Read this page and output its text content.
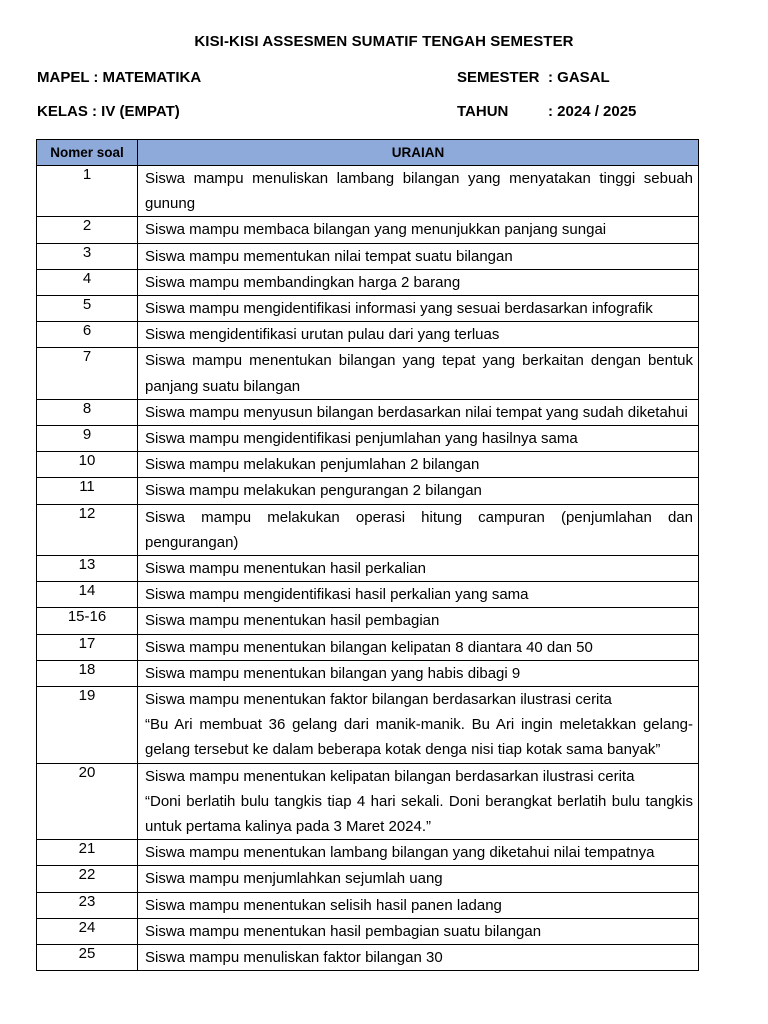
KISI-KISI ASSESMEN SUMATIF TENGAH SEMESTER
MAPEL : MATEMATIKA
KELAS : IV (EMPAT)
SEMESTER : GASAL
TAHUN	: 2024 / 2025
Nomer soal	URAIAN
1	Siswa mampu menuliskan lambang bilangan yang menyatakan tinggi sebuah gunung

2	Siswa mampu membaca bilangan yang menunjukkan panjang sungai

3	Siswa mampu mementukan nilai tempat suatu bilangan

4	Siswa mampu membandingkan harga 2 barang

5	Siswa mampu mengidentifikasi informasi yang sesuai berdasarkan infografik

6	Siswa mengidentifikasi urutan pulau dari yang terluas

7	Siswa mampu menentukan bilangan yang tepat yang berkaitan dengan bentuk panjang suatu bilangan

8	Siswa mampu menyusun bilangan berdasarkan nilai tempat yang sudah diketahui

9	Siswa mampu mengidentifikasi penjumlahan yang hasilnya sama

10	Siswa mampu melakukan penjumlahan 2 bilangan

11	Siswa mampu melakukan pengurangan 2 bilangan

12	Siswa mampu melakukan operasi hitung campuran (penjumlahan dan pengurangan)

13	Siswa mampu menentukan hasil perkalian

14	Siswa mampu mengidentifikasi hasil perkalian yang sama

15-16	Siswa mampu menentukan hasil pembagian

17	Siswa mampu menentukan bilangan kelipatan 8 diantara 40 dan 50

18	Siswa mampu menentukan bilangan yang habis dibagi 9

19	Siswa mampu menentukan faktor bilangan berdasarkan ilustrasi cerita
“Bu Ari membuat 36 gelang dari manik-manik. Bu Ari ingin meletakkan gelang-gelang tersebut ke dalam beberapa kotak denga nisi tiap kotak sama banyak”

20	Siswa mampu menentukan kelipatan bilangan berdasarkan ilustrasi cerita
“Doni berlatih bulu tangkis tiap 4 hari sekali. Doni berangkat berlatih bulu tangkis untuk pertama kalinya pada 3 Maret 2024.”

21	Siswa mampu menentukan lambang bilangan yang diketahui nilai tempatnya

22	Siswa mampu menjumlahkan sejumlah uang

23	Siswa mampu menentukan selisih hasil panen ladang

24	Siswa mampu menentukan hasil pembagian suatu bilangan

25	Siswa mampu menuliskan faktor bilangan 30
